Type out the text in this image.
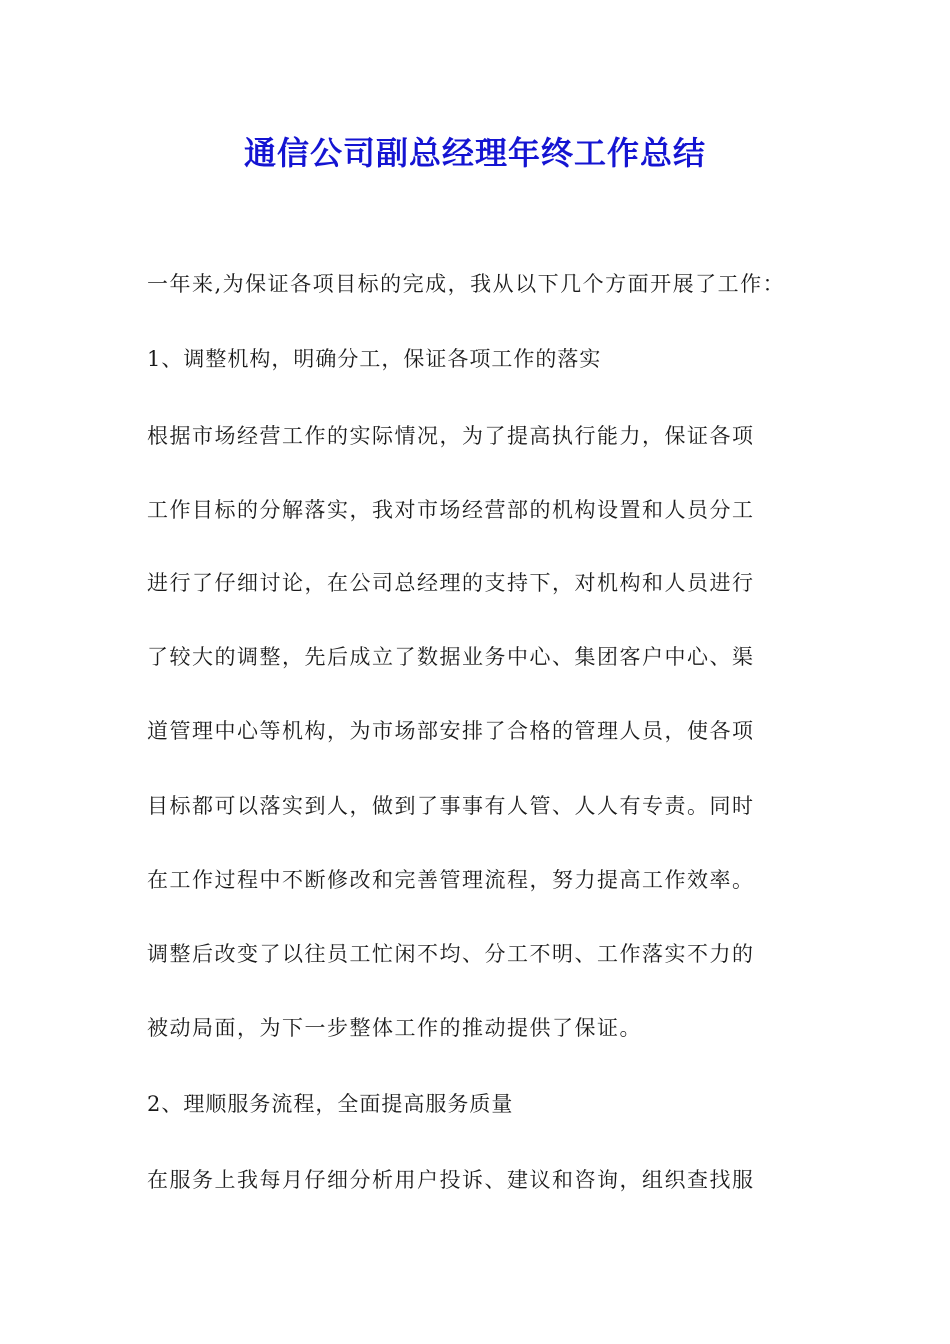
通信公司副总经理年终工作总结

一年来,为保证各项目标的完成，我从以下几个方面开展了工作：

1、调整机构，明确分工，保证各项工作的落实

根据市场经营工作的实际情况，为了提高执行能力，保证各项

工作目标的分解落实，我对市场经营部的机构设置和人员分工

进行了仔细讨论，在公司总经理的支持下，对机构和人员进行

了较大的调整，先后成立了数据业务中心、集团客户中心、渠

道管理中心等机构，为市场部安排了合格的管理人员，使各项

目标都可以落实到人，做到了事事有人管、人人有专责。同时

在工作过程中不断修改和完善管理流程，努力提高工作效率。

调整后改变了以往员工忙闲不均、分工不明、工作落实不力的

被动局面，为下一步整体工作的推动提供了保证。

2、理顺服务流程，全面提高服务质量

在服务上我每月仔细分析用户投诉、建议和咨询，组织查找服
